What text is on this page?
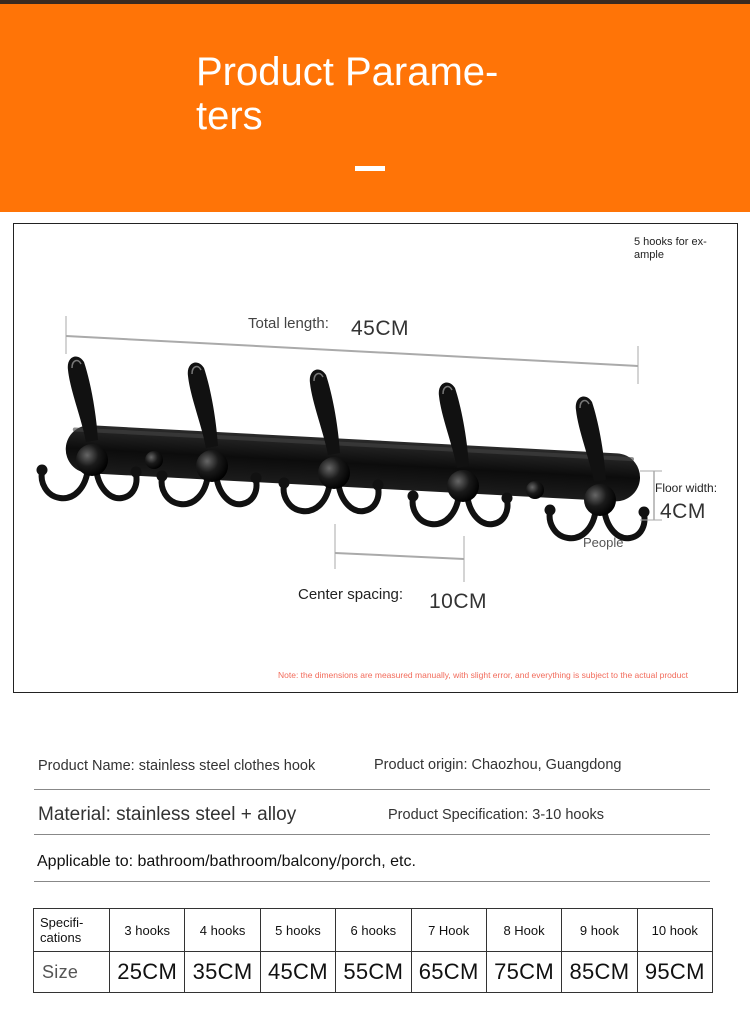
Product Parame-
ters
5 hooks for ex-
ample
Total length: 45CM
Floor width:
4CM
Center spacing: 10CM
People
Note: the dimensions are measured manually, with slight error, and everything is subject to the actual product
Product Name: stainless steel clothes hook	Product origin: Chaozhou, Guangdong
Material: stainless steel + alloy	Product Specification: 3-10 hooks
Applicable to: bathroom/bathroom/balcony/porch, etc.
Specifi-
cations	3 hooks	4 hooks	5 hooks	6 hooks	7 Hook	8 Hook	9 hook	10 hook
Size	25CM	35CM	45CM	55CM	65CM	75CM	85CM	95CM
